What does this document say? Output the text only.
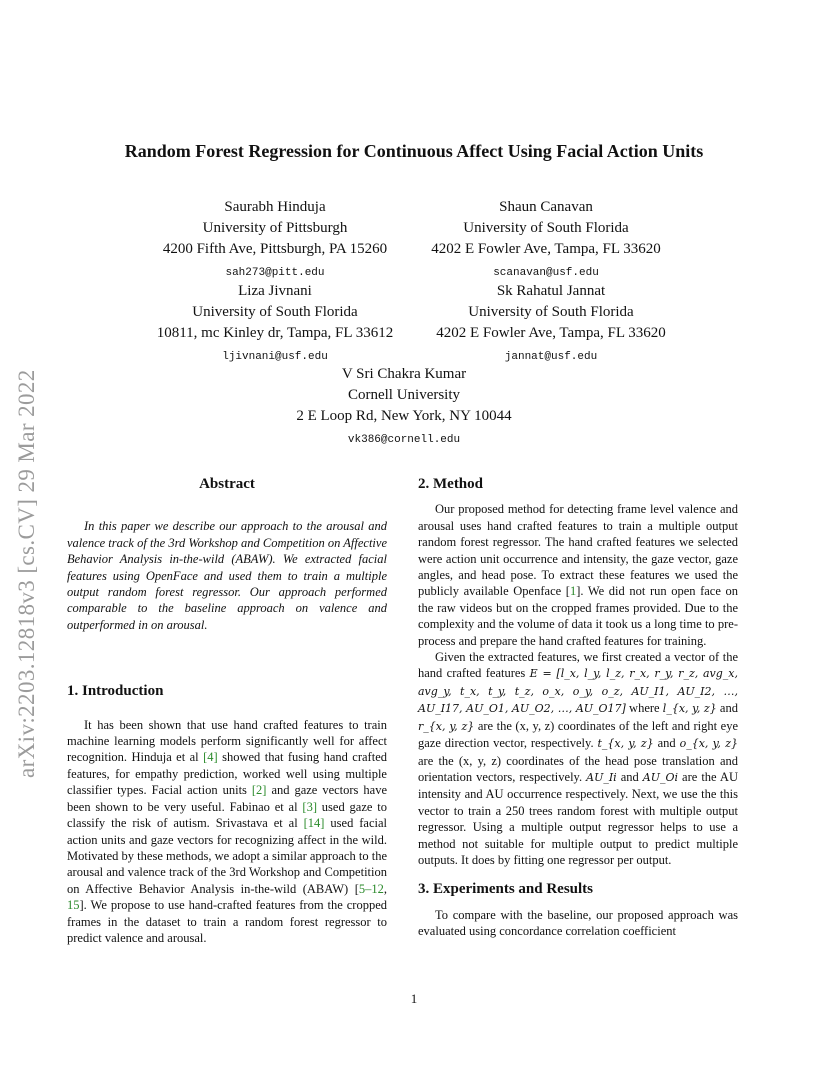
arXiv:2203.12818v3 [cs.CV] 29 Mar 2022
Random Forest Regression for Continuous Affect Using Facial Action Units
Saurabh Hinduja
University of Pittsburgh
4200 Fifth Ave, Pittsburgh, PA 15260
sah273@pitt.edu
Shaun Canavan
University of South Florida
4202 E Fowler Ave, Tampa, FL 33620
scanavan@usf.edu
Liza Jivnani
University of South Florida
10811, mc Kinley dr, Tampa, FL 33612
ljivnani@usf.edu
Sk Rahatul Jannat
University of South Florida
4202 E Fowler Ave, Tampa, FL 33620
jannat@usf.edu
V Sri Chakra Kumar
Cornell University
2 E Loop Rd, New York, NY 10044
vk386@cornell.edu
Abstract

In this paper we describe our approach to the arousal and valence track of the 3rd Workshop and Competition on Affective Behavior Analysis in-the-wild (ABAW). We extracted facial features using OpenFace and used them to train a multiple output random forest regressor. Our approach performed comparable to the baseline approach on valence and outperformed in on arousal.

1. Introduction

It has been shown that use hand crafted features to train machine learning models perform significantly well for affect recognition. Hinduja et al [4] showed that fusing hand crafted features, for empathy prediction, worked well using multiple classifier types. Facial action units [2] and gaze vectors have been shown to be very useful. Fabinao et al [3] used gaze to classify the risk of autism. Srivastava et al [14] used facial action units and gaze vectors for recognizing affect in the wild. Motivated by these methods, we adopt a similar approach to the arousal and valence track of the 3rd Workshop and Competition on Affective Behavior Analysis in-the-wild (ABAW) [5–12, 15]. We propose to use hand-crafted features from the cropped frames in the dataset to train a random forest regressor to predict valence and arousal.

2. Method

Our proposed method for detecting frame level valence and arousal uses hand crafted features to train a multiple output random forest regressor. The hand crafted features we selected were action unit occurrence and intensity, the gaze vector, gaze angles, and head pose. To extract these features we used the publicly available Openface [1]. We did not run open face on the raw videos but on the cropped frames provided. Due to the complexity and the volume of data it took us a long time to pre-process and prepare the hand crafted features for training.

Given the extracted features, we first created a vector of the hand crafted features E = [l_x, l_y, l_z, r_x, r_y, r_z, avg_x, avg_y, t_x, t_y, t_z, o_x, o_y, o_z, AU_I1, AU_I2, …, AU_I17, AU_O1, AU_O2, …, AU_O17] where l_{x, y, z} and r_{x, y, z} are the (x, y, z) coordinates of the left and right eye gaze direction vector, respectively. t_{x, y, z} and o_{x, y, z} are the (x, y, z) coordinates of the head pose translation and orientation vectors, respectively. AU_Ii and AU_Oi are the AU intensity and AU occurrence respectively. Next, we use the this vector to train a 250 trees random forest with multiple output regressor. Using a multiple output regressor helps to use a method not suitable for multiple output to predict multiple outputs. It does by fitting one regressor per output.

3. Experiments and Results

To compare with the baseline, our proposed approach was evaluated using concordance correlation coefficient

1
